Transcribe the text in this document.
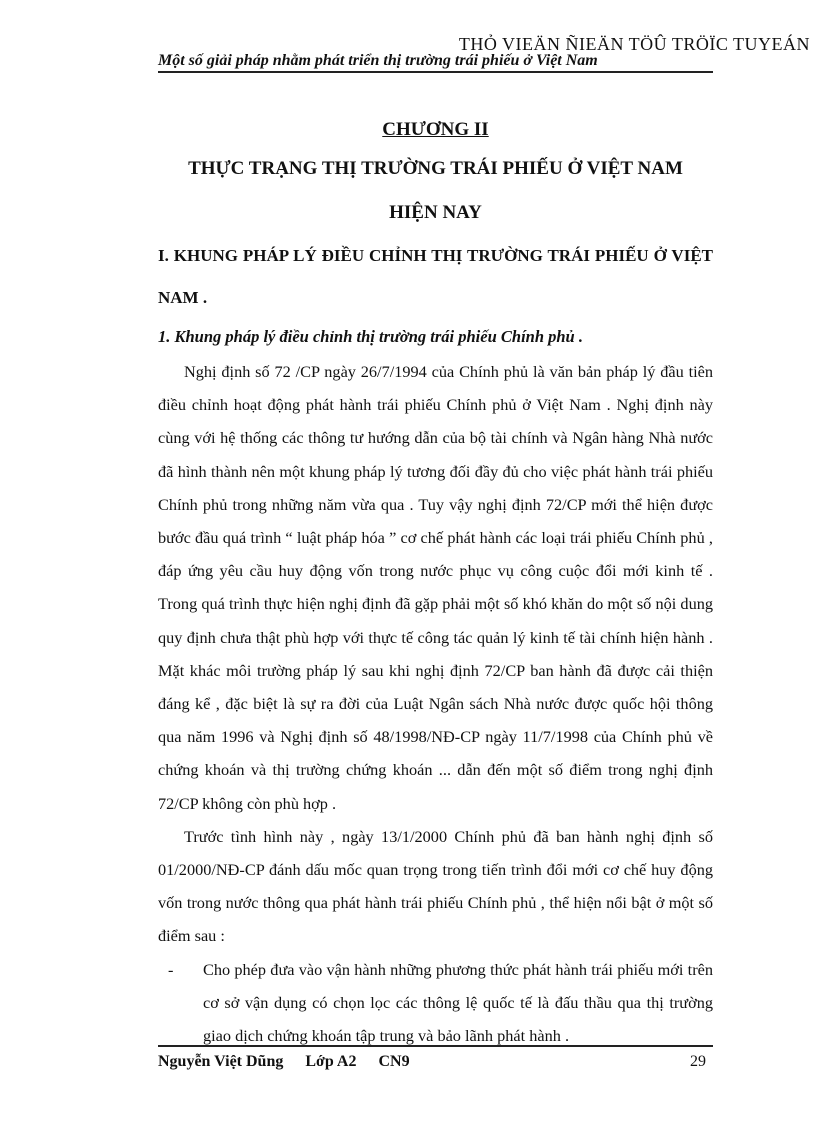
THỎ VIEÄN ÑIEÄN TÖÛ TRÖÏC TUYEÁN
Một số giải pháp nhằm phát triển thị trường trái phiếu ở Việt Nam
CHƯƠNG II
THỰC TRẠNG THỊ TRƯỜNG TRÁI PHIẾU Ở VIỆT NAM
HIỆN NAY
I. KHUNG PHÁP LÝ ĐIỀU CHỈNH THỊ TRƯỜNG TRÁI PHIẾU Ở VIỆT NAM .
1. Khung pháp lý điều chỉnh thị trường trái phiếu Chính phủ .

Nghị định số 72 /CP ngày 26/7/1994 của Chính phủ là văn bản pháp lý đầu tiên điều chỉnh hoạt động phát hành trái phiếu Chính phủ ở Việt Nam . Nghị định này cùng với hệ thống các thông tư hướng dẫn của bộ tài chính và Ngân hàng Nhà nước đã hình thành nên một khung pháp lý tương đối đầy đủ cho việc phát hành trái phiếu Chính phủ trong những năm vừa qua . Tuy vậy nghị định 72/CP mới thể hiện được bước đầu quá trình “ luật pháp hóa ” cơ chế phát hành các loại trái phiếu Chính phủ , đáp ứng yêu cầu huy động vốn trong nước phục vụ công cuộc đổi mới kinh tế . Trong quá trình thực hiện nghị định đã gặp phải một số khó khăn do một số nội dung quy định chưa thật phù hợp với thực tế công tác quản lý kinh tế tài chính hiện hành . Mặt khác môi trường pháp lý sau khi nghị định 72/CP ban hành đã được cải thiện đáng kể , đặc biệt là sự ra đời của Luật Ngân sách Nhà nước được quốc hội thông qua năm 1996 và Nghị định số 48/1998/NĐ-CP ngày 11/7/1998 của Chính phủ về chứng khoán và thị trường chứng khoán ... dẫn đến một số điểm trong nghị định 72/CP không còn phù hợp .

Trước tình hình này , ngày 13/1/2000 Chính phủ đã ban hành nghị định số 01/2000/NĐ-CP đánh dấu mốc quan trọng trong tiến trình đổi mới cơ chế huy động vốn trong nước thông qua phát hành trái phiếu Chính phủ , thể hiện nổi bật ở một số điểm sau :

-	Cho phép đưa vào vận hành những phương thức phát hành trái phiếu mới trên cơ sở vận dụng có chọn lọc các thông lệ quốc tế là đấu thầu qua thị trường giao dịch chứng khoán tập trung và bảo lãnh phát hành .
Nguyễn Việt Dũng Lớp A2 CN9	29
